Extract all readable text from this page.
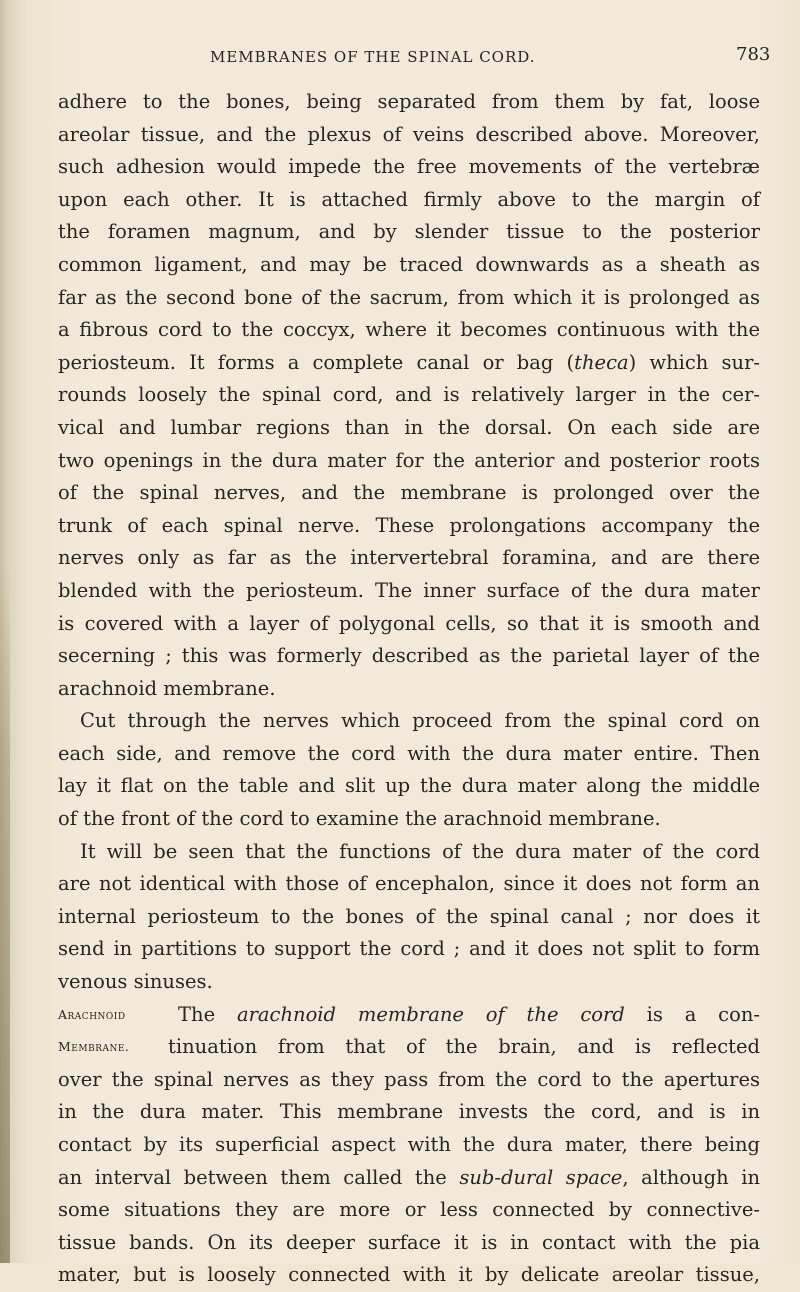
MEMBRANES OF THE SPINAL CORD.	783
adhere to the bones, being separated from them by fat, loose
areolar tissue, and the plexus of veins described above. Moreover,
such adhesion would impede the free movements of the vertebræ
upon each other. It is attached firmly above to the margin of
the foramen magnum, and by slender tissue to the posterior
common ligament, and may be traced downwards as a sheath as
far as the second bone of the sacrum, from which it is prolonged as
a fibrous cord to the coccyx, where it becomes continuous with the
periosteum. It forms a complete canal or bag (theca) which sur-
rounds loosely the spinal cord, and is relatively larger in the cer-
vical and lumbar regions than in the dorsal. On each side are
two openings in the dura mater for the anterior and posterior roots
of the spinal nerves, and the membrane is prolonged over the
trunk of each spinal nerve. These prolongations accompany the
nerves only as far as the intervertebral foramina, and are there
blended with the periosteum. The inner surface of the dura mater
is covered with a layer of polygonal cells, so that it is smooth and
secerning ; this was formerly described as the parietal layer of the
arachnoid membrane.
Cut through the nerves which proceed from the spinal cord on
each side, and remove the cord with the dura mater entire. Then
lay it flat on the table and slit up the dura mater along the middle
of the front of the cord to examine the arachnoid membrane.
It will be seen that the functions of the dura mater of the cord
are not identical with those of encephalon, since it does not form an
internal periosteum to the bones of the spinal canal ; nor does it
send in partitions to support the cord ; and it does not split to form
venous sinuses.
Arachnoid	The arachnoid membrane of the cord is a con-
Membrane.	tinuation from that of the brain, and is reflected
over the spinal nerves as they pass from the cord to the apertures
in the dura mater. This membrane invests the cord, and is in
contact by its superficial aspect with the dura mater, there being
an interval between them called the sub-dural space, although in
some situations they are more or less connected by connective-
tissue bands. On its deeper surface it is in contact with the pia
mater, but is loosely connected with it by delicate areolar tissue,
